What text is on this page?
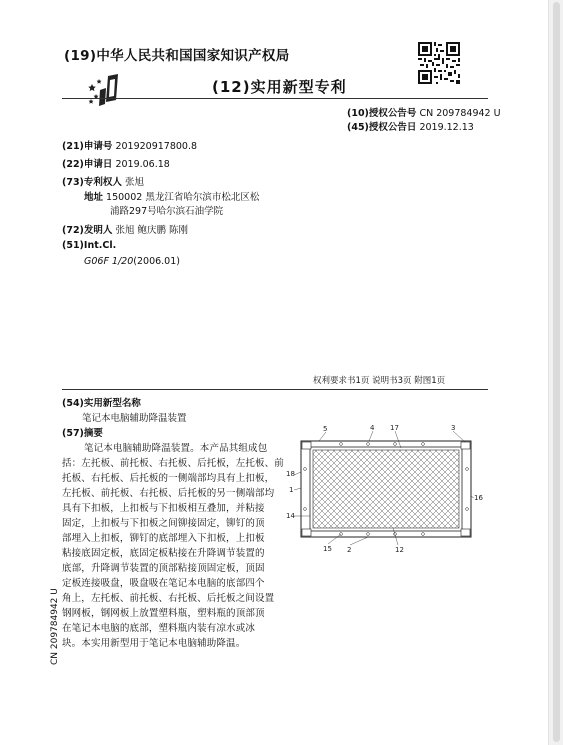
(19)中华人民共和国国家知识产权局
(12)实用新型专利
(10)授权公告号 CN 209784942 U
(45)授权公告日 2019.12.13
(21)申请号 201920917800.8
(22)申请日 2019.06.18
(73)专利权人 张旭
地址 150002 黑龙江省哈尔滨市松北区松
浦路297号哈尔滨石油学院
(72)发明人 张旭 鲍庆鹏 陈刚
(51)Int.Cl.
G06F 1/20(2006.01)
权利要求书1页 说明书3页 附图1页
(54)实用新型名称
笔记本电脑辅助降温装置
(57)摘要
笔记本电脑辅助降温装置。本产品其组成包
括：左托板、前托板、右托板、后托板，左托板、前
托板、右托板、后托板的一侧端部均具有上扣板，
左托板、前托板、右托板、后托板的另一侧端部均
具有下扣板，上扣板与下扣板相互叠加，并粘接
固定，上扣板与下扣板之间铆接固定，铆钉的顶
部埋入上扣板，铆钉的底部埋入下扣板，上扣板
粘接底固定板，底固定板粘接在升降调节装置的
底部，升降调节装置的顶部粘接顶固定板，顶固
定板连接吸盘，吸盘吸在笔记本电脑的底部四个
角上，左托板、前托板、右托板、后托板之间设置
钢网板，钢网板上放置塑料瓶，塑料瓶的顶部顶
在笔记本电脑的底部，塑料瓶内装有凉水或冰
块。本实用新型用于笔记本电脑辅助降温。
CN 209784942 U
5	4 17	3
18
1
16
14
15 2	12
